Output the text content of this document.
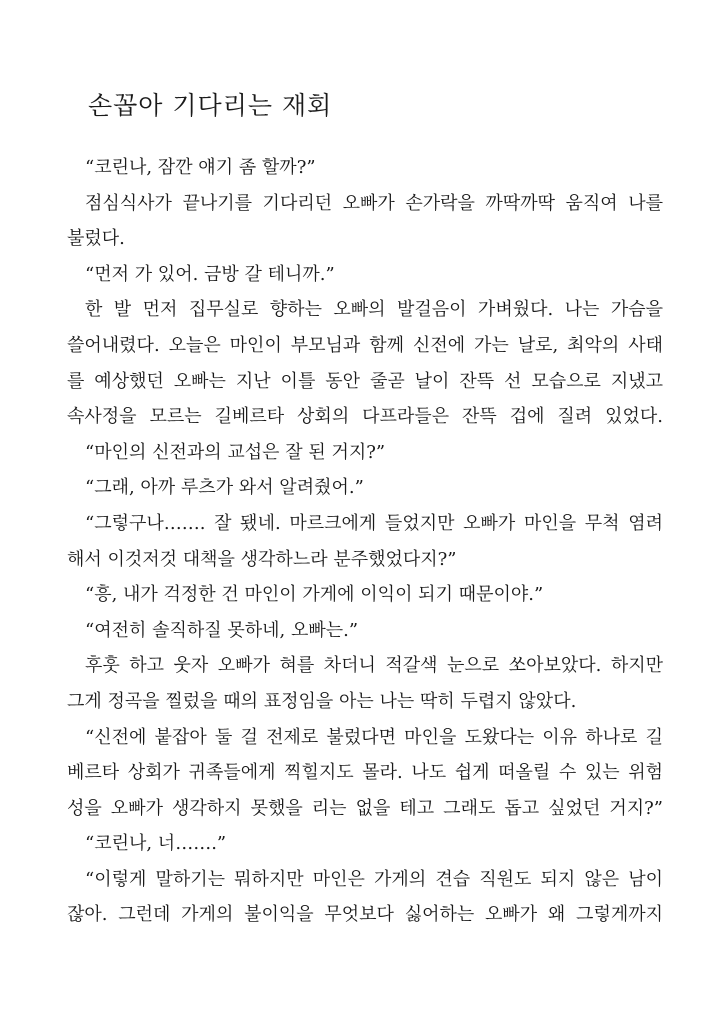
손꼽아 기다리는 재회
“코린나, 잠깐 얘기 좀 할까?”
점심식사가 끝나기를 기다리던 오빠가 손가락을 까딱까딱 움직여 나를
불렀다.
“먼저 가 있어. 금방 갈 테니까.”
한 발 먼저 집무실로 향하는 오빠의 발걸음이 가벼웠다. 나는 가슴을
쓸어내렸다. 오늘은 마인이 부모님과 함께 신전에 가는 날로, 최악의 사태
를 예상했던 오빠는 지난 이틀 동안 줄곧 날이 잔뜩 선 모습으로 지냈고
속사정을 모르는 길베르타 상회의 다프라들은 잔뜩 겁에 질려 있었다.
“마인의 신전과의 교섭은 잘 된 거지?”
“그래, 아까 루츠가 와서 알려줬어.”
“그렇구나……. 잘 됐네. 마르크에게 들었지만 오빠가 마인을 무척 염려
해서 이것저것 대책을 생각하느라 분주했었다지?”
“흥, 내가 걱정한 건 마인이 가게에 이익이 되기 때문이야.”
“여전히 솔직하질 못하네, 오빠는.”
후훗 하고 웃자 오빠가 혀를 차더니 적갈색 눈으로 쏘아보았다. 하지만
그게 정곡을 찔렀을 때의 표정임을 아는 나는 딱히 두렵지 않았다.
“신전에 붙잡아 둘 걸 전제로 불렀다면 마인을 도왔다는 이유 하나로 길
베르타 상회가 귀족들에게 찍힐지도 몰라. 나도 쉽게 떠올릴 수 있는 위험
성을 오빠가 생각하지 못했을 리는 없을 테고 그래도 돕고 싶었던 거지?”
“코린나, 너…….”
“이렇게 말하기는 뭐하지만 마인은 가게의 견습 직원도 되지 않은 남이
잖아. 그런데 가게의 불이익을 무엇보다 싫어하는 오빠가 왜 그렇게까지
